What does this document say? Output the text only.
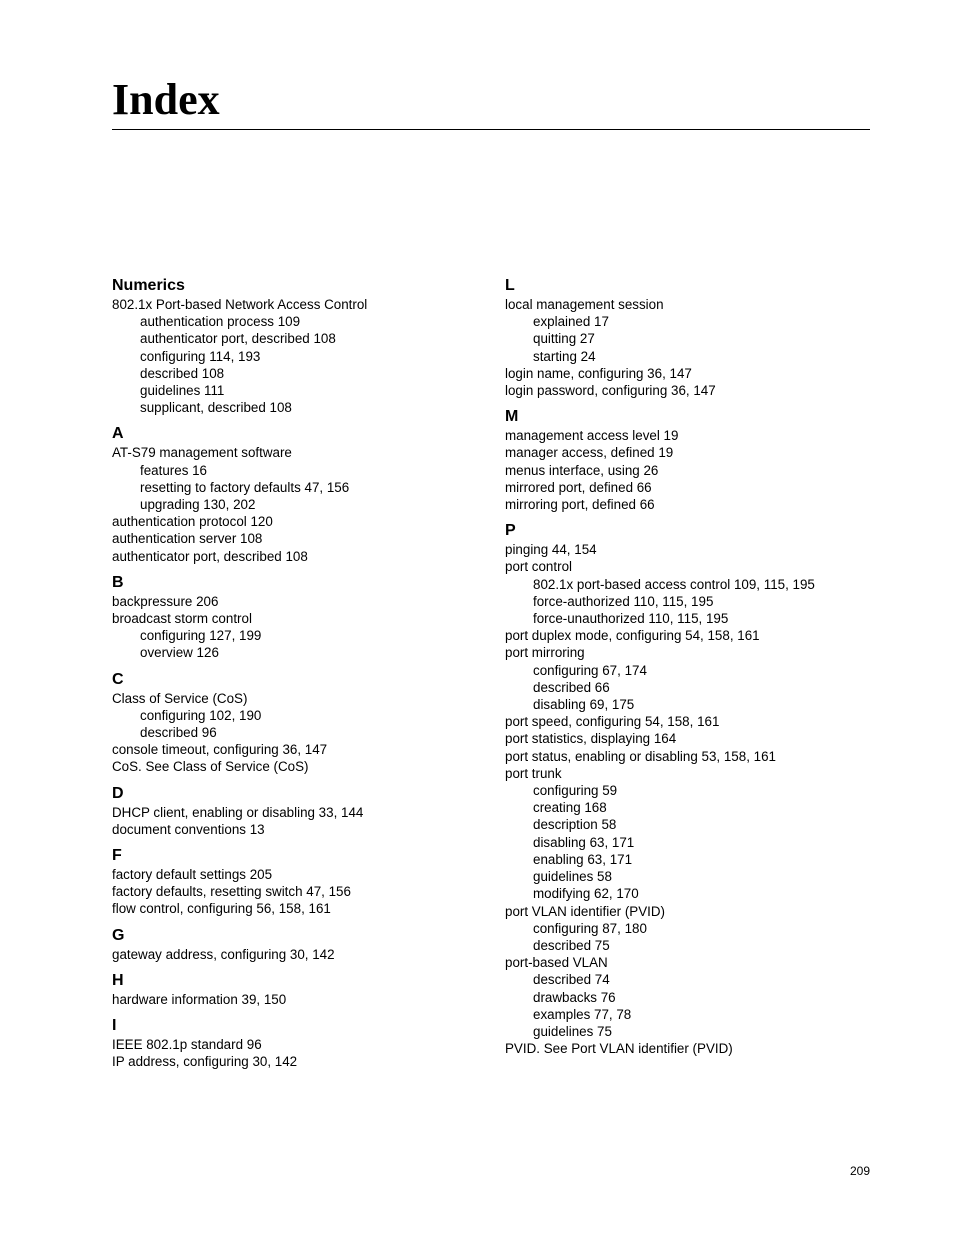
Index
Numerics
802.1x Port-based Network Access Control
authentication process 109
authenticator port, described 108
configuring 114, 193
described 108
guidelines 111
supplicant, described 108
A
AT-S79 management software
features 16
resetting to factory defaults 47, 156
upgrading 130, 202
authentication protocol 120
authentication server 108
authenticator port, described 108
B
backpressure 206
broadcast storm control
configuring 127, 199
overview 126
C
Class of Service (CoS)
configuring 102, 190
described 96
console timeout, configuring 36, 147
CoS. See Class of Service (CoS)
D
DHCP client, enabling or disabling 33, 144
document conventions 13
F
factory default settings 205
factory defaults, resetting switch 47, 156
flow control, configuring 56, 158, 161
G
gateway address, configuring 30, 142
H
hardware information 39, 150
I
IEEE 802.1p standard 96
IP address, configuring 30, 142
L
local management session
explained 17
quitting 27
starting 24
login name, configuring 36, 147
login password, configuring 36, 147
M
management access level 19
manager access, defined 19
menus interface, using 26
mirrored port, defined 66
mirroring port, defined 66
P
pinging 44, 154
port control
802.1x port-based access control 109, 115, 195
force-authorized 110, 115, 195
force-unauthorized 110, 115, 195
port duplex mode, configuring 54, 158, 161
port mirroring
configuring 67, 174
described 66
disabling 69, 175
port speed, configuring 54, 158, 161
port statistics, displaying 164
port status, enabling or disabling 53, 158, 161
port trunk
configuring 59
creating 168
description 58
disabling 63, 171
enabling 63, 171
guidelines 58
modifying 62, 170
port VLAN identifier (PVID)
configuring 87, 180
described 75
port-based VLAN
described 74
drawbacks 76
examples 77, 78
guidelines 75
PVID. See Port VLAN identifier (PVID)
209
